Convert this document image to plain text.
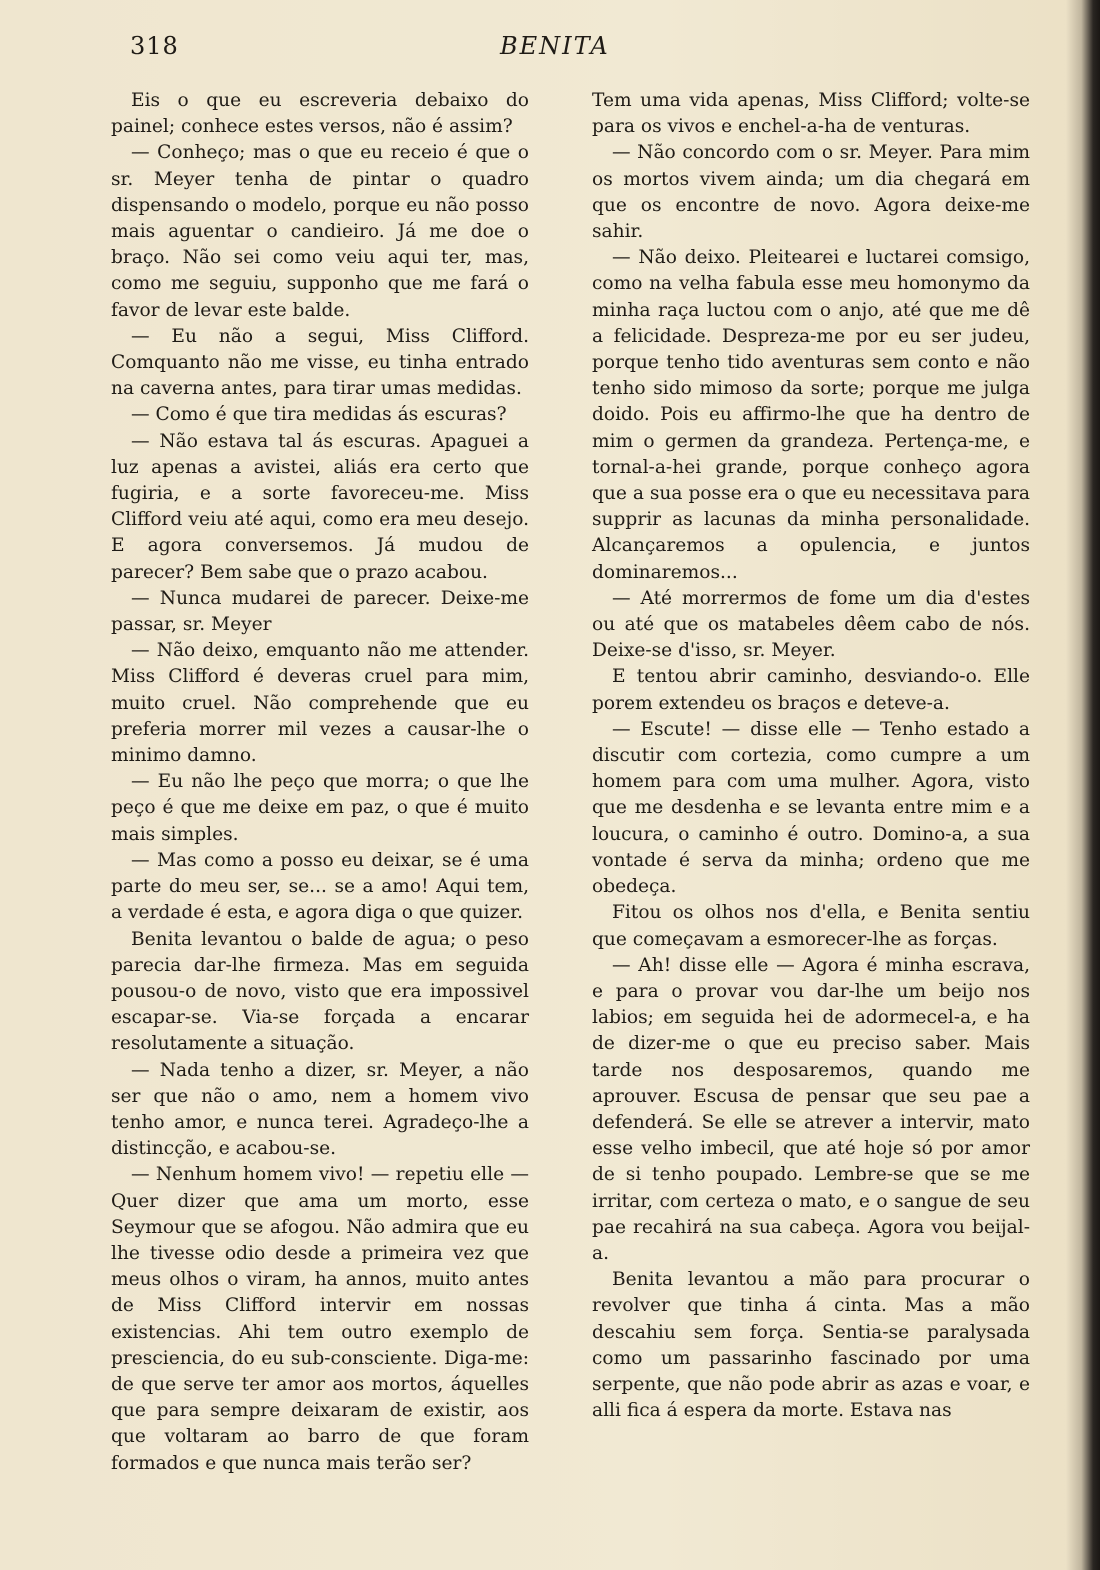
318	BENITA

Eis o que eu escreveria debaixo do painel; conhece estes versos, não é assim?

— Conheço; mas o que eu receio é que o sr. Meyer tenha de pintar o quadro dispensando o modelo, porque eu não posso mais aguentar o candieiro. Já me doe o braço. Não sei como veiu aqui ter, mas, como me seguiu, supponho que me fará o favor de levar este balde.

— Eu não a segui, Miss Clifford. Comquanto não me visse, eu tinha entrado na caverna antes, para tirar umas medidas.

— Como é que tira medidas ás escuras?

— Não estava tal ás escuras. Apaguei a luz apenas a avistei, aliás era certo que fugiria, e a sorte favoreceu-me. Miss Clifford veiu até aqui, como era meu desejo. E agora conversemos. Já mudou de parecer? Bem sabe que o prazo acabou.

— Nunca mudarei de parecer. Deixe-me passar, sr. Meyer

— Não deixo, emquanto não me attender. Miss Clifford é deveras cruel para mim, muito cruel. Não comprehende que eu preferia morrer mil vezes a causar-lhe o minimo damno.

— Eu não lhe peço que morra; o que lhe peço é que me deixe em paz, o que é muito mais simples.

— Mas como a posso eu deixar, se é uma parte do meu ser, se... se a amo! Aqui tem, a verdade é esta, e agora diga o que quizer.

Benita levantou o balde de agua; o peso parecia dar-lhe firmeza. Mas em seguida pousou-o de novo, visto que era impossivel escapar-se. Via-se forçada a encarar resolutamente a situação.

— Nada tenho a dizer, sr. Meyer, a não ser que não o amo, nem a homem vivo tenho amor, e nunca terei. Agradeço-lhe a distincção, e acabou-se.

— Nenhum homem vivo! — repetiu elle — Quer dizer que ama um morto, esse Seymour que se afogou. Não admira que eu lhe tivesse odio desde a primeira vez que meus olhos o viram, ha annos, muito antes de Miss Clifford intervir em nossas existencias. Ahi tem outro exemplo de presciencia, do eu sub-consciente. Diga-me: de que serve ter amor aos mortos, áquelles que para sempre deixaram de existir, aos que voltaram ao barro de que foram formados e que nunca mais terão ser?

Tem uma vida apenas, Miss Clifford; volte-se para os vivos e enchel-a-ha de venturas.

— Não concordo com o sr. Meyer. Para mim os mortos vivem ainda; um dia chegará em que os encontre de novo. Agora deixe-me sahir.

— Não deixo. Pleitearei e luctarei comsigo, como na velha fabula esse meu homonymo da minha raça luctou com o anjo, até que me dê a felicidade. Despreza-me por eu ser judeu, porque tenho tido aventuras sem conto e não tenho sido mimoso da sorte; porque me julga doido. Pois eu affirmo-lhe que ha dentro de mim o germen da grandeza. Pertença-me, e tornal-a-hei grande, porque conheço agora que a sua posse era o que eu necessitava para supprir as lacunas da minha personalidade. Alcançaremos a opulencia, e juntos dominaremos...

— Até morrermos de fome um dia d'estes ou até que os matabeles dêem cabo de nós. Deixe-se d'isso, sr. Meyer.

E tentou abrir caminho, desviando-o. Elle porem extendeu os braços e deteve-a.

— Escute! — disse elle — Tenho estado a discutir com cortezia, como cumpre a um homem para com uma mulher. Agora, visto que me desdenha e se levanta entre mim e a loucura, o caminho é outro. Domino-a, a sua vontade é serva da minha; ordeno que me obedeça.

Fitou os olhos nos d'ella, e Benita sentiu que começavam a esmorecer-lhe as forças.

— Ah! disse elle — Agora é minha escrava, e para o provar vou dar-lhe um beijo nos labios; em seguida hei de adormecel-a, e ha de dizer-me o que eu preciso saber. Mais tarde nos desposaremos, quando me aprouver. Escusa de pensar que seu pae a defenderá. Se elle se atrever a intervir, mato esse velho imbecil, que até hoje só por amor de si tenho poupado. Lembre-se que se me irritar, com certeza o mato, e o sangue de seu pae recahirá na sua cabeça. Agora vou beijal-a.

Benita levantou a mão para procurar o revolver que tinha á cinta. Mas a mão descahiu sem força. Sentia-se paralysada como um passarinho fascinado por uma serpente, que não pode abrir as azas e voar, e alli fica á espera da morte. Estava nas
